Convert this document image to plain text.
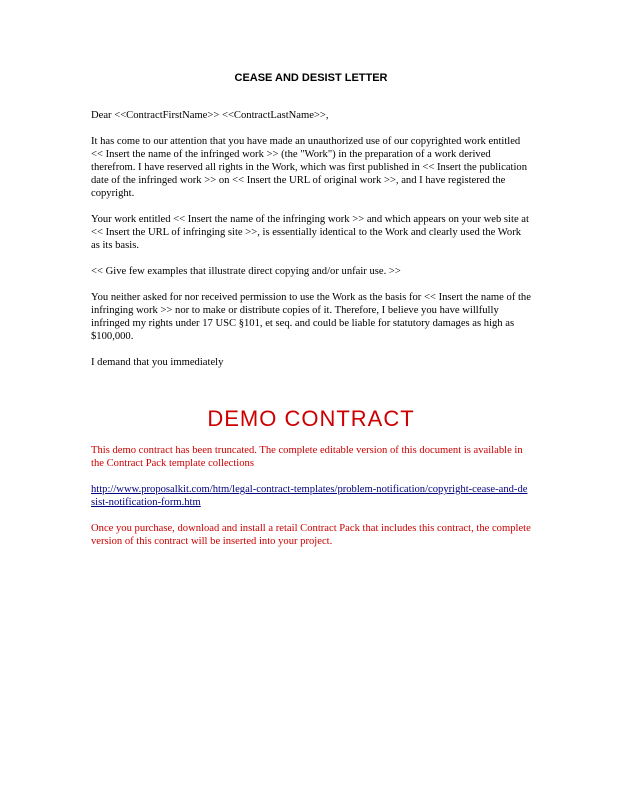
CEASE AND DESIST LETTER
Dear <<ContractFirstName>> <<ContractLastName>>,
It has come to our attention that you have made an unauthorized use of our copyrighted work entitled << Insert the name of the infringed work >> (the "Work") in the preparation of a work derived therefrom. I have reserved all rights in the Work, which was first published in << Insert the publication date of the infringed work >> on << Insert the URL of original work >>, and I have registered the copyright.
Your work entitled << Insert the name of the infringing work >> and which appears on your web site at << Insert the URL of infringing site >>, is essentially identical to the Work and clearly used the Work as its basis.
<< Give few examples that illustrate direct copying and/or unfair use. >>
You neither asked for nor received permission to use the Work as the basis for << Insert the name of the infringing work >> nor to make or distribute copies of it. Therefore, I believe you have willfully infringed my rights under 17 USC §101, et seq. and could be liable for statutory damages as high as $100,000.
I demand that you immediately
DEMO CONTRACT
This demo contract has been truncated. The complete editable version of this document is available in the Contract Pack template collections
http://www.proposalkit.com/htm/legal-contract-templates/problem-notification/copyright-cease-and-desist-notification-form.htm
Once you purchase, download and install a retail Contract Pack that includes this contract, the complete version of this contract will be inserted into your project.
